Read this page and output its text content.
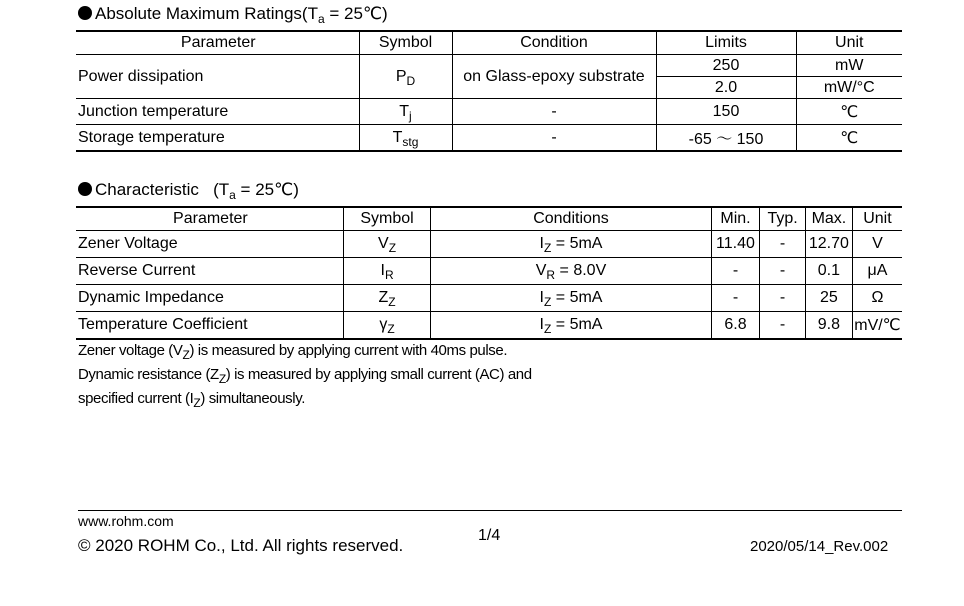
Absolute Maximum $Ratings(T_a$ = 25℃)
Parameter	Symbol	Condition	Limits	Unit
Power dissipation	$P_D$	on Glass-epoxy substrate	250	mW
			2.0	mW/°C
Junction temperature	$T_j$	-	150	℃
Storage temperature	$T_{stg}$	-	-65 ～ 150	℃
Characteristic ($T_a$ = 25℃)
Parameter	Symbol	Conditions	Min.	Typ.	Max.	Unit
Zener Voltage	$V_Z$	$I_Z = 5mA$	11.40	-	12.70	V
Reverse Current	$I_R$	$V_R = 8.0V$	-	-	0.1	μA
Dynamic Impedance	$Z_Z$	$I_Z = 5mA$	-	-	25	Ω
Temperature Coefficient	$\gamma_Z$	$I_Z = 5mA$	6.8	-	9.8	mV/℃
Zener voltage $(V_Z)$ is measured by applying current with 40ms pulse.
Dynamic resistance $(Z_Z)$ is measured by applying small current (AC) and
specified current $(I_Z)$ simultaneously.
www.rohm.com
© 2020 ROHM Co., Ltd. All rights reserved.
1/4
2020/05/14_Rev.002
